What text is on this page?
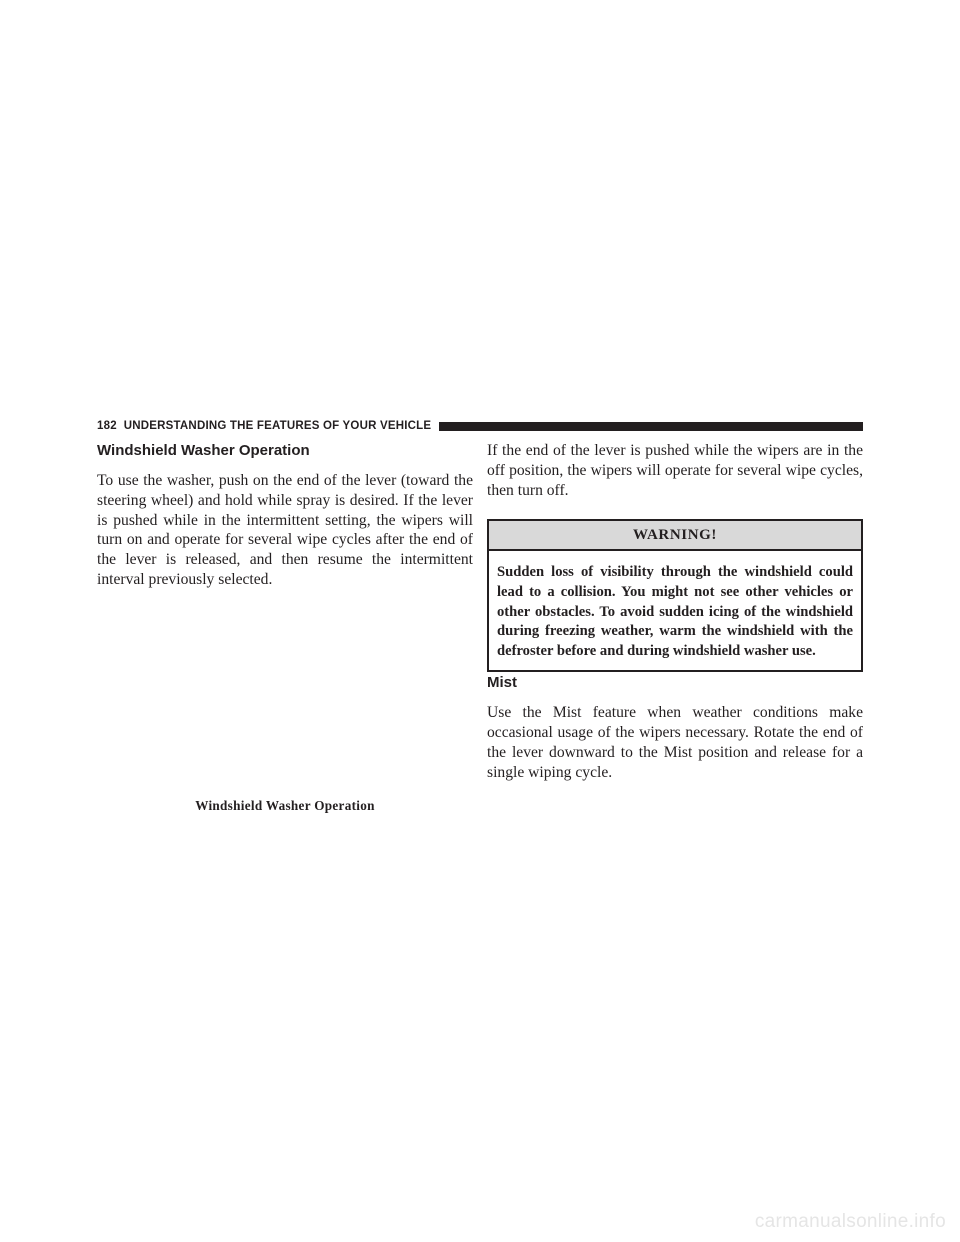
182 UNDERSTANDING THE FEATURES OF YOUR VEHICLE
Windshield Washer Operation

To use the washer, push on the end of the lever (toward the steering wheel) and hold while spray is desired. If the lever is pushed while in the intermittent setting, the wipers will turn on and operate for several wipe cycles after the end of the lever is released, and then resume the intermittent interval previously selected.

Windshield Washer Operation

If the end of the lever is pushed while the wipers are in the off position, the wipers will operate for several wipe cycles, then turn off.

WARNING!
Sudden loss of visibility through the windshield could lead to a collision. You might not see other vehicles or other obstacles. To avoid sudden icing of the windshield during freezing weather, warm the windshield with the defroster before and during windshield washer use.
Mist

Use the Mist feature when weather conditions make occasional usage of the wipers necessary. Rotate the end of the lever downward to the Mist position and release for a single wiping cycle.

carmanualsonline.info
